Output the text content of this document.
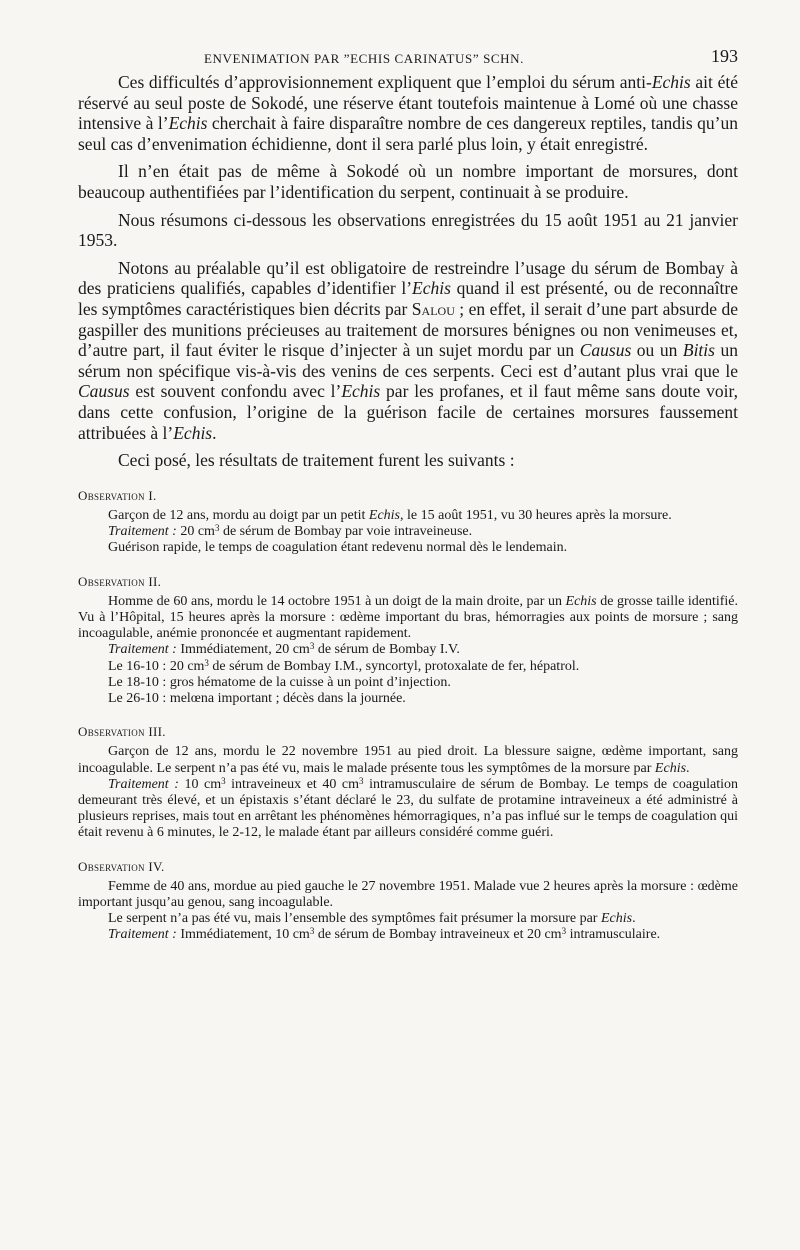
ENVENIMATION PAR ”ECHIS CARINATUS” SCHN.	193

Ces difficultés d’approvisionnement expliquent que l’emploi du sérum anti-Echis ait été réservé au seul poste de Sokodé, une réserve étant toutefois maintenue à Lomé où une chasse intensive à l’Echis cherchait à faire disparaître nombre de ces dangereux reptiles, tandis qu’un seul cas d’envenimation échidienne, dont il sera parlé plus loin, y était enregistré.

Il n’en était pas de même à Sokodé où un nombre important de morsures, dont beaucoup authentifiées par l’identification du serpent, continuait à se produire.

Nous résumons ci-dessous les observations enregistrées du 15 août 1951 au 21 janvier 1953.

Notons au préalable qu’il est obligatoire de restreindre l’usage du sérum de Bombay à des praticiens qualifiés, capables d’identifier l’Echis quand il est présenté, ou de reconnaître les symptômes caractéristiques bien décrits par Salou ; en effet, il serait d’une part absurde de gaspiller des munitions précieuses au traitement de morsures bénignes ou non venimeuses et, d’autre part, il faut éviter le risque d’injecter à un sujet mordu par un Causus ou un Bitis un sérum non spécifique vis-à-vis des venins de ces serpents. Ceci est d’autant plus vrai que le Causus est souvent confondu avec l’Echis par les profanes, et il faut même sans doute voir, dans cette confusion, l’origine de la guérison facile de certaines morsures faussement attribuées à l’Echis.

Ceci posé, les résultats de traitement furent les suivants :

Observation I.

Garçon de 12 ans, mordu au doigt par un petit Echis, le 15 août 1951, vu 30 heures après la morsure.

Traitement : 20 $cm^3$ de sérum de Bombay par voie intraveineuse.

Guérison rapide, le temps de coagulation étant redevenu normal dès le lendemain.

Observation II.

Homme de 60 ans, mordu le 14 octobre 1951 à un doigt de la main droite, par un Echis de grosse taille identifié. Vu à l’Hôpital, 15 heures après la morsure : œdème important du bras, hémorragies aux points de morsure ; sang incoagulable, anémie prononcée et augmentant rapidement.

Traitement : Immédiatement, 20 $cm^3$ de sérum de Bombay I.V.

Le 16-10 : 20 $cm^3$ de sérum de Bombay I.M., syncortyl, protoxalate de fer, hépatrol.

Le 18-10 : gros hématome de la cuisse à un point d’injection.

Le 26-10 : melœna important ; décès dans la journée.

Observation III.

Garçon de 12 ans, mordu le 22 novembre 1951 au pied droit. La blessure saigne, œdème important, sang incoagulable. Le serpent n’a pas été vu, mais le malade présente tous les symptômes de la morsure par Echis.

Traitement : 10 $cm^3$ intraveineux et 40 $cm^3$ intramusculaire de sérum de Bombay. Le temps de coagulation demeurant très élevé, et un épistaxis s’étant déclaré le 23, du sulfate de protamine intraveineux a été administré à plusieurs reprises, mais tout en arrêtant les phénomènes hémorragiques, n’a pas influé sur le temps de coagulation qui était revenu à 6 minutes, le 2-12, le malade étant par ailleurs considéré comme guéri.

Observation IV.

Femme de 40 ans, mordue au pied gauche le 27 novembre 1951. Malade vue 2 heures après la morsure : œdème important jusqu’au genou, sang incoagulable.

Le serpent n’a pas été vu, mais l’ensemble des symptômes fait présumer la morsure par Echis.

Traitement : Immédiatement, 10 $cm^3$ de sérum de Bombay intraveineux et 20 $cm^3$ intramusculaire.
